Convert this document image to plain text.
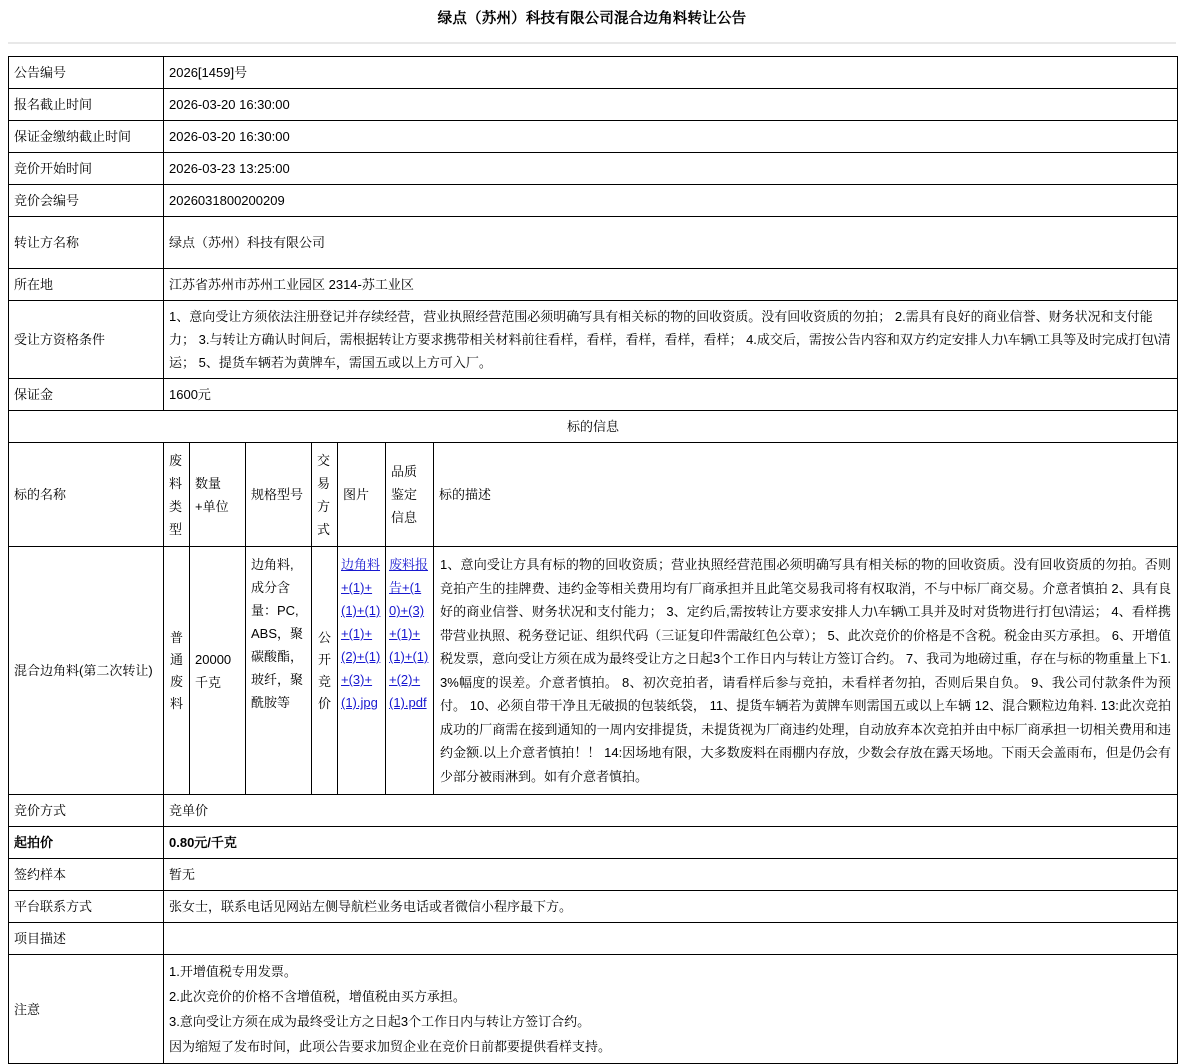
绿点（苏州）科技有限公司混合边角料转让公告
公告编号	2026[1459]号						
报名截止时间	2026-03-20 16:30:00						
保证金缴纳截止时间	2026-03-20 16:30:00						
竞价开始时间	2026-03-23 13:25:00						
竞价会编号	2026031800200209						
转让方名称	绿点（苏州）科技有限公司						
所在地	江苏省苏州市苏州工业园区 2314-苏工业区						
受让方资格条件	1、意向受让方须依法注册登记并存续经营，营业执照经营范围必须明确写具有相关标的物的回收资质。没有回收资质的勿拍； 2.需具有良好的商业信誉、财务状况和支付能力； 3.与转让方确认时间后，需根据转让方要求携带相关材料前往看样，看样，看样，看样，看样； 4.成交后，需按公告内容和双方约定安排人力\车辆\工具等及时完成打包\清运； 5、提货车辆若为黄牌车，需国五或以上方可入厂。						
保证金	1600元						
标的信息							
标的名称	废料类型	数量+单位	规格型号	交易方式	图片	品质鉴定信息	标的描述
混合边角料(第二次转让)	普通废料	20000千克	边角料, 成分含量：PC, ABS，聚碳酸酯，玻纤，聚酰胺等	公开竞价	边角料+(1)+(1)+(1)+(1)+(2)+(1)+(3)+(1).jpg	废料报告+(10)+(3)+(1)+(1)+(1)+(2)+(1).pdf	1、意向受让方具有标的物的回收资质；营业执照经营范围必须明确写具有相关标的物的回收资质。没有回收资质的勿拍。否则竞拍产生的挂牌费、违约金等相关费用均有厂商承担并且此笔交易我司将有权取消，不与中标厂商交易。介意者慎拍 2、具有良好的商业信誉、财务状况和支付能力； 3、定约后,需按转让方要求安排人力\车辆\工具并及时对货物进行打包\清运； 4、看样携带营业执照、税务登记证、组织代码（三证复印件需敲红色公章）； 5、此次竞价的价格是不含税。税金由买方承担。 6、开增值税发票，意向受让方须在成为最终受让方之日起3个工作日内与转让方签订合约。 7、我司为地磅过重，存在与标的物重量上下1.3%幅度的误差。介意者慎拍。 8、初次竞拍者，请看样后参与竞拍，未看样者勿拍，否则后果自负。 9、我公司付款条件为预付。 10、必须自带干净且无破损的包装纸袋， 11、提货车辆若为黄牌车则需国五或以上车辆 12、混合颗粒边角料. 13:此次竞拍成功的厂商需在接到通知的一周内安排提货，未提货视为厂商违约处理，自动放弃本次竞拍并由中标厂商承担一切相关费用和违约金额.以上介意者慎拍！！ 14:因场地有限，大多数废料在雨棚内存放，少数会存放在露天场地。下雨天会盖雨布，但是仍会有少部分被雨淋到。如有介意者慎拍。
竞价方式	竞单价						
起拍价	0.80元/千克						
签约样本	暂无						
平台联系方式	张女士，联系电话见网站左侧导航栏业务电话或者微信小程序最下方。						
项目描述							
注意	1.开增值税专用发票。

2.此次竞价的价格不含增值税，增值税由买方承担。

3.意向受让方须在成为最终受让方之日起3个工作日内与转让方签订合约。

因为缩短了发布时间，此项公告要求加贸企业在竞价日前都要提供看样支持。						
